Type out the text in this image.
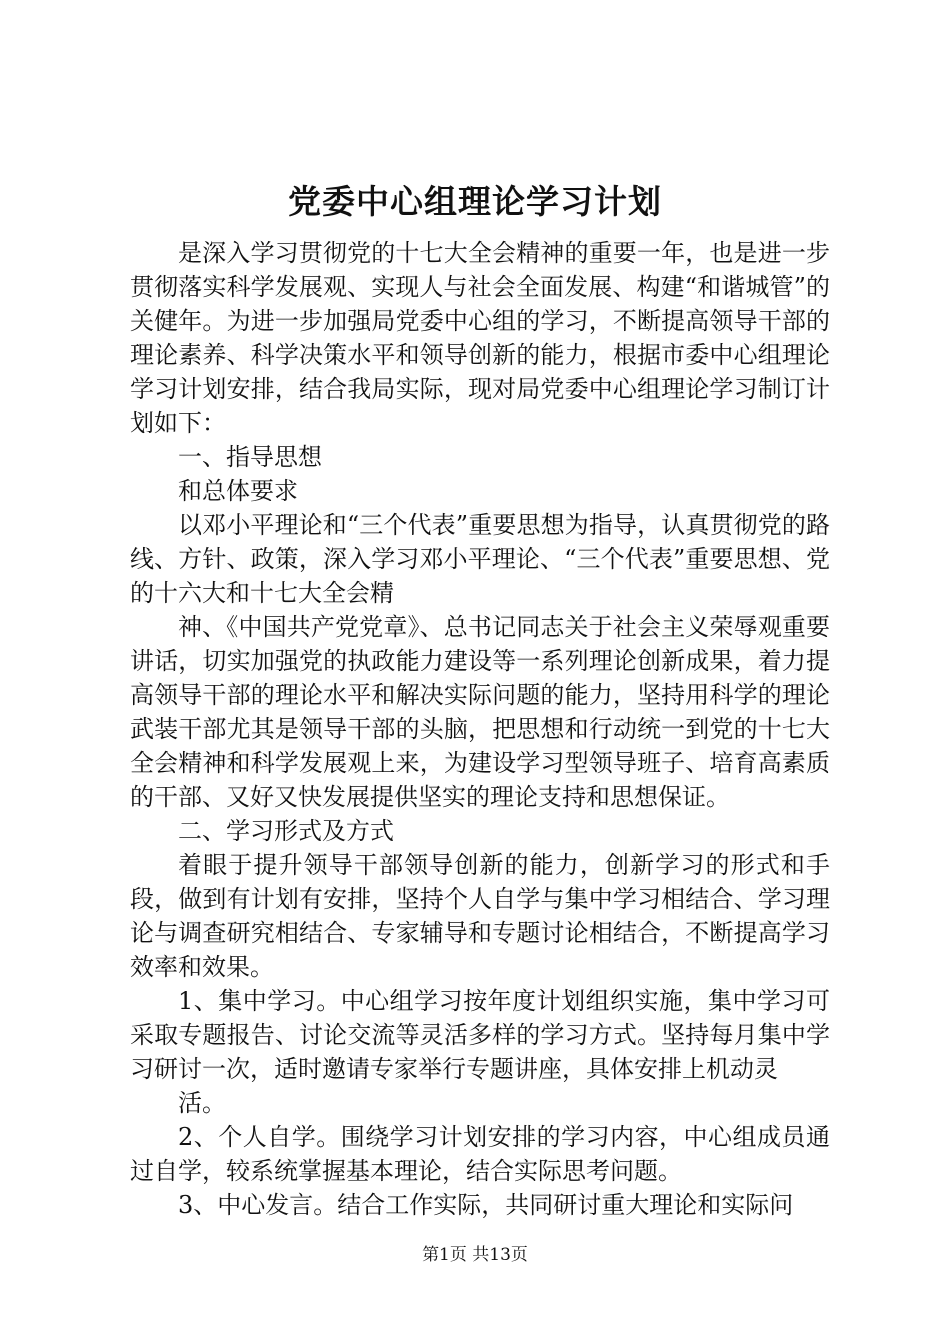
党委中心组理论学习计划

是深入学习贯彻党的十七大全会精神的重要一年，也是进一步贯彻落实科学发展观、实现人与社会全面发展、构建“和谐城管”的关健年。为进一步加强局党委中心组的学习，不断提高领导干部的理论素养、科学决策水平和领导创新的能力，根据市委中心组理论学习计划安排，结合我局实际，现对局党委中心组理论学习制订计划如下：

一、指导思想

和总体要求

以邓小平理论和“三个代表”重要思想为指导，认真贯彻党的路线、方针、政策，深入学习邓小平理论、“三个代表”重要思想、党的十六大和十七大全会精

神、《中国共产党党章》、总书记同志关于社会主义荣辱观重要讲话，切实加强党的执政能力建设等一系列理论创新成果，着力提高领导干部的理论水平和解决实际问题的能力，坚持用科学的理论武装干部尤其是领导干部的头脑，把思想和行动统一到党的十七大全会精神和科学发展观上来，为建设学习型领导班子、培育高素质的干部、又好又快发展提供坚实的理论支持和思想保证。

二、学习形式及方式

着眼于提升领导干部领导创新的能力，创新学习的形式和手段，做到有计划有安排，坚持个人自学与集中学习相结合、学习理论与调查研究相结合、专家辅导和专题讨论相结合，不断提高学习效率和效果。

1、集中学习。中心组学习按年度计划组织实施，集中学习可采取专题报告、讨论交流等灵活多样的学习方式。坚持每月集中学习研讨一次，适时邀请专家举行专题讲座，具体安排上机动灵

活。

2、个人自学。围绕学习计划安排的学习内容，中心组成员通过自学，较系统掌握基本理论，结合实际思考问题。

3、中心发言。结合工作实际，共同研讨重大理论和实际问

第1页 共13页
